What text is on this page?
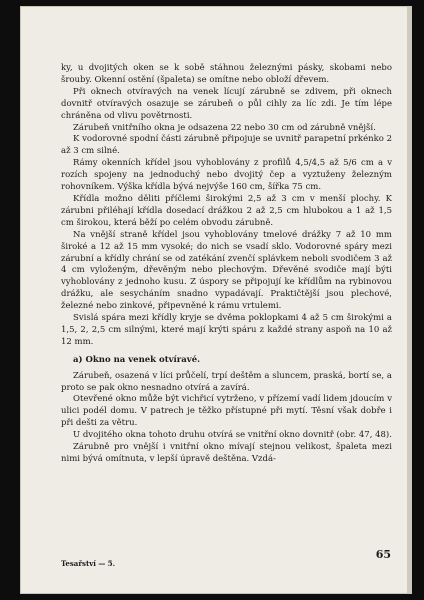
ky, u dvojitých oken se k sobě stáhnou železnými pásky, skobami nebo šrouby. Okenní ostění (špaleta) se omítne nebo obloží dřevem.

Při oknech otvíravých na venek lícují zárubně se zdivem, při oknech dovnitř otvíravých osazuje se zárubeň o půl cihly za líc zdi. Je tím lépe chráněna od vlivu povětrnosti.

Zárubeň vnitřního okna je odsazena 22 nebo 30 cm od zárubně vnější.

K vodorovné spodní části zárubně připojuje se uvnitř parapetní prkénko 2 až 3 cm silné.

Rámy okenních křídel jsou vyhoblovány z profilů 4,5/4,5 až 5/6 cm a v rozích spojeny na jednoduchý nebo dvojitý čep a vyztuženy železným rohovníkem. Výška křídla bývá nejvýše 160 cm, šířka 75 cm.

Křídla možno děliti příčlemi širokými 2,5 až 3 cm v menší plochy. K zárubni přiléhají křídla dosedací drážkou 2 až 2,5 cm hlubokou a 1 až 1,5 cm širokou, která běží po celém obvodu zárubně.

Na vnější straně křídel jsou vyhoblovány tmelové drážky 7 až 10 mm široké a 12 až 15 mm vysoké; do nich se vsadí sklo. Vodorovné spáry mezi zárubní a křídly chrání se od zatékání zvenčí splávkem neboli svodičem 3 až 4 cm vyloženým, dřevěným nebo plechovým. Dřevěné svodiče mají býti vyhoblovány z jednoho kusu. Z úspory se připojují ke křídlům na rybinovou drážku, ale sesycháním snadno vypadávají. Praktičtější jsou plechové, železné nebo zinkové, připevněné k rámu vrtulemi.

Svislá spára mezi křídly kryje se dvěma poklopkami 4 až 5 cm širokými a 1,5, 2, 2,5 cm silnými, které mají krýti spáru z každé strany aspoň na 10 až 12 mm.

a) Okno na venek otvíravé.

Zárubeň, osazená v líci průčelí, trpí deštěm a sluncem, praská, bortí se, a proto se pak okno nesnadno otvírá a zavírá.

Otevřené okno může být vichřicí vytrženo, v přízemí vadí lidem jdoucím v ulici podél domu. V patrech je těžko přístupné při mytí. Těsní však dobře i při dešti za větru.

U dvojitého okna tohoto druhu otvírá se vnitřní okno dovnitř (obr. 47, 48).

Zárubně pro vnější i vnitřní okno mívají stejnou velikost, špaleta mezi nimi bývá omítnuta, v lepší úpravě deštěna. Vzdá-

Tesařství — 5.
65
